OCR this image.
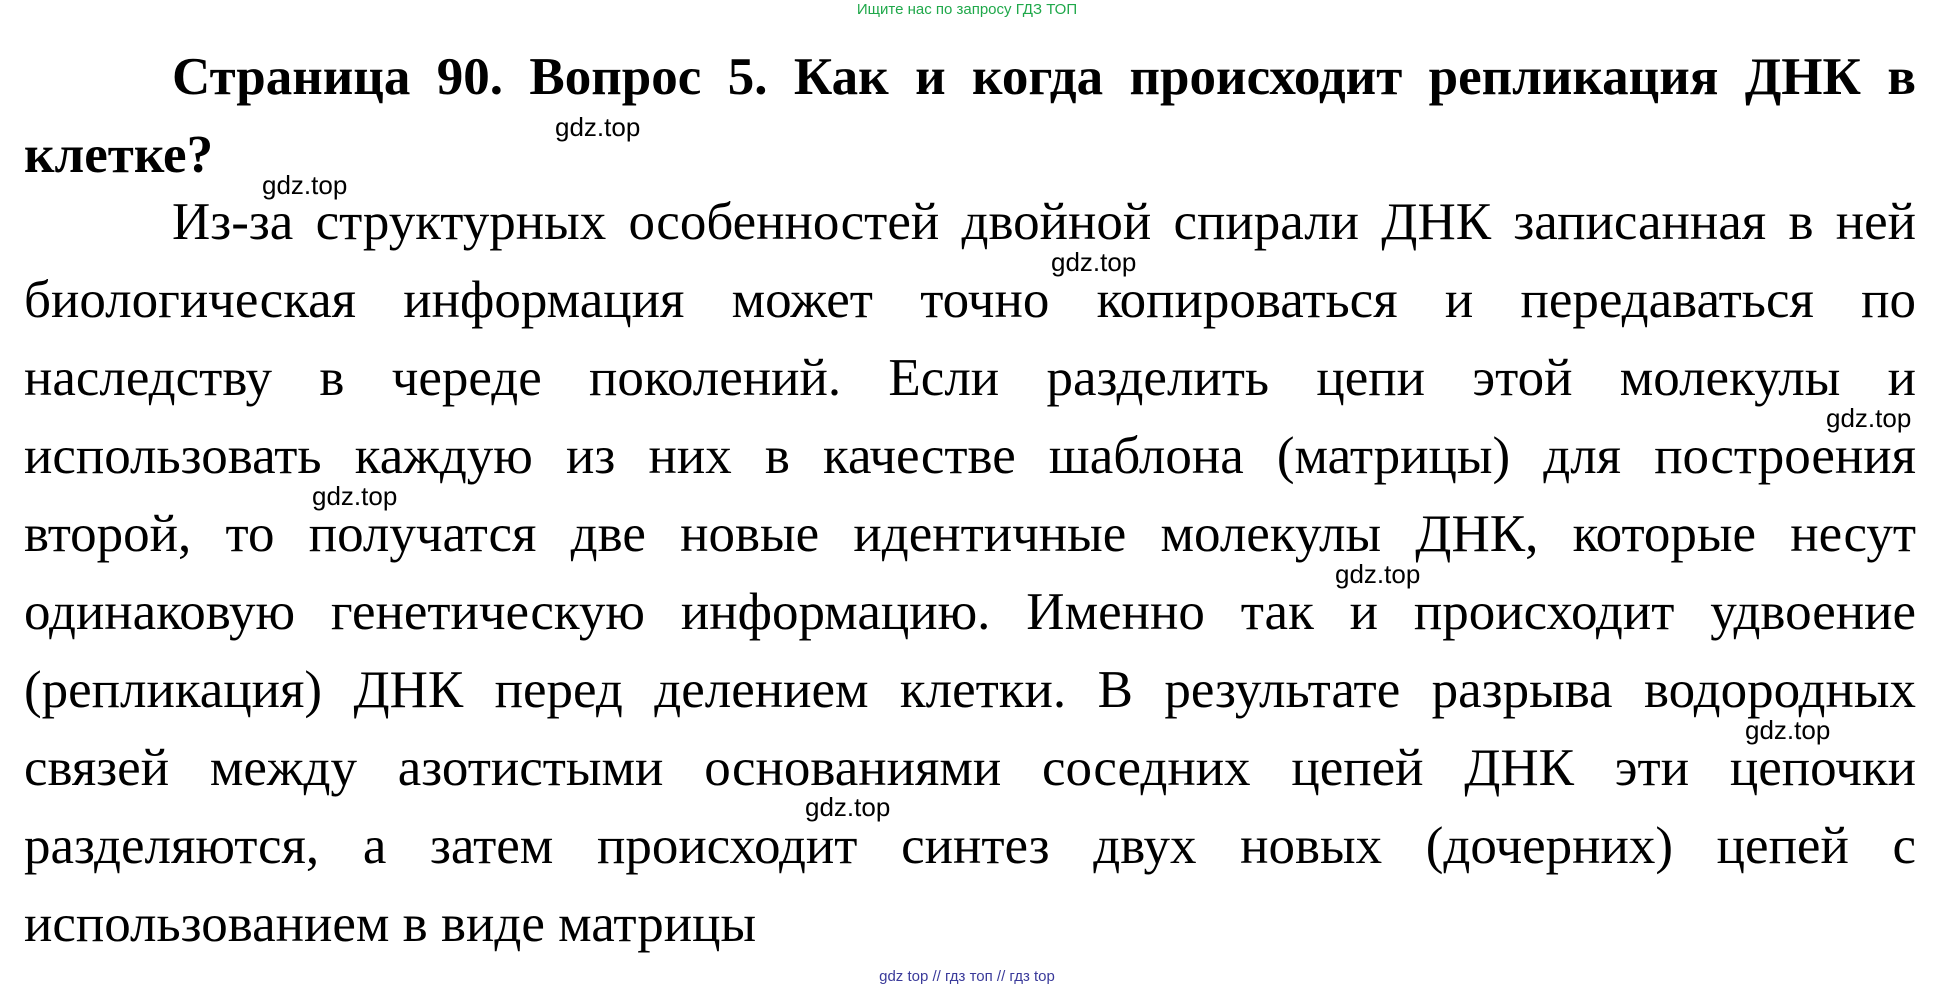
Ищите нас по запросу ГДЗ ТОП
Страница 90. Вопрос 5. Как и когда происходит репликация ДНК в клетке?

Из-за структурных особенностей двойной спирали ДНК записанная в ней биологическая информация может точно копироваться и передаваться по наследству в череде поколений. Если разделить цепи этой молекулы и использовать каждую из них в качестве шаблона (матрицы) для построения второй, то получатся две новые идентичные молекулы ДНК, которые несут одинаковую генетическую информацию. Именно так и происходит удвоение (репликация) ДНК перед делением клетки. В результате разрыва водородных связей между азотистыми основаниями соседних цепей ДНК эти цепочки разделяются, а затем происходит синтез двух новых (дочерних) цепей с использованием в виде матрицы

gdz.top
gdz.top
gdz.top
gdz.top
gdz.top
gdz.top
gdz.top
gdz.top
gdz top // гдз топ // гдз top
